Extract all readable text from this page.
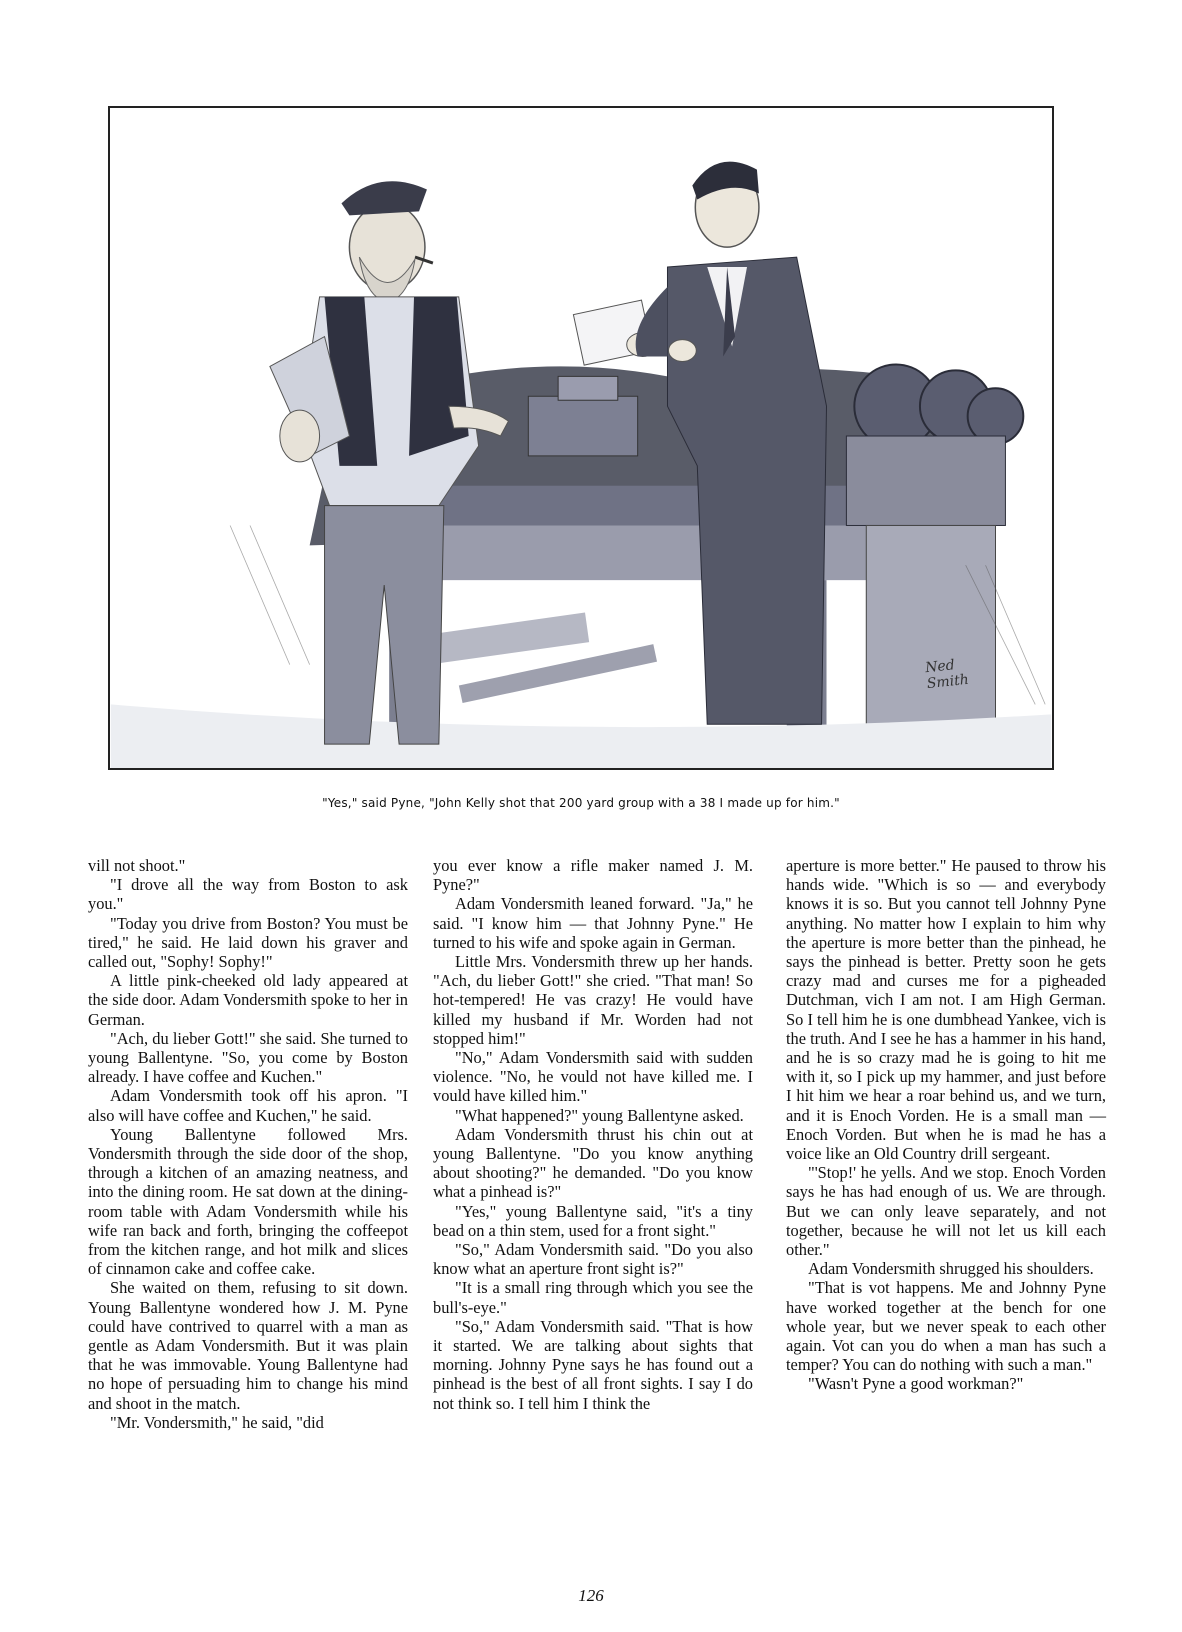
Ned
Smith
"Yes," said Pyne, "John Kelly shot that 200 yard group with a 38 I made up for him."

vill not shoot."

"I drove all the way from Boston to ask you."

"Today you drive from Boston? You must be tired," he said. He laid down his graver and called out, "Sophy! Sophy!"

A little pink-cheeked old lady appeared at the side door. Adam Vondersmith spoke to her in German.

"Ach, du lieber Gott!" she said. She turned to young Ballentyne. "So, you come by Boston already. I have coffee and Kuchen."

Adam Vondersmith took off his apron. "I also will have coffee and Kuchen," he said.

Young Ballentyne followed Mrs. Vondersmith through the side door of the shop, through a kitchen of an amazing neatness, and into the dining room. He sat down at the dining-room table with Adam Vondersmith while his wife ran back and forth, bringing the coffeepot from the kitchen range, and hot milk and slices of cinnamon cake and coffee cake.

She waited on them, refusing to sit down. Young Ballentyne wondered how J. M. Pyne could have contrived to quarrel with a man as gentle as Adam Vondersmith. But it was plain that he was immovable. Young Ballentyne had no hope of persuading him to change his mind and shoot in the match.

"Mr. Vondersmith," he said, "did

you ever know a rifle maker named J. M. Pyne?"

Adam Vondersmith leaned forward. "Ja," he said. "I know him — that Johnny Pyne." He turned to his wife and spoke again in German.

Little Mrs. Vondersmith threw up her hands. "Ach, du lieber Gott!" she cried. "That man! So hot-tempered! He vas crazy! He vould have killed my husband if Mr. Worden had not stopped him!"

"No," Adam Vondersmith said with sudden violence. "No, he vould not have killed me. I vould have killed him."

"What happened?" young Ballentyne asked.

Adam Vondersmith thrust his chin out at young Ballentyne. "Do you know anything about shooting?" he demanded. "Do you know what a pinhead is?"

"Yes," young Ballentyne said, "it's a tiny bead on a thin stem, used for a front sight."

"So," Adam Vondersmith said. "Do you also know what an aperture front sight is?"

"It is a small ring through which you see the bull's-eye."

"So," Adam Vondersmith said. "That is how it started. We are talking about sights that morning. Johnny Pyne says he has found out a pinhead is the best of all front sights. I say I do not think so. I tell him I think the

aperture is more better." He paused to throw his hands wide. "Which is so — and everybody knows it is so. But you cannot tell Johnny Pyne anything. No matter how I explain to him why the aperture is more better than the pinhead, he says the pinhead is better. Pretty soon he gets crazy mad and curses me for a pigheaded Dutchman, vich I am not. I am High German. So I tell him he is one dumbhead Yankee, vich is the truth. And I see he has a hammer in his hand, and he is so crazy mad he is going to hit me with it, so I pick up my hammer, and just before I hit him we hear a roar behind us, and we turn, and it is Enoch Vorden. He is a small man — Enoch Vorden. But when he is mad he has a voice like an Old Country drill sergeant.

"'Stop!' he yells. And we stop. Enoch Vorden says he has had enough of us. We are through. But we can only leave separately, and not together, because he will not let us kill each other."

Adam Vondersmith shrugged his shoulders.

"That is vot happens. Me and Johnny Pyne have worked together at the bench for one whole year, but we never speak to each other again. Vot can you do when a man has such a temper? You can do nothing with such a man."

"Wasn't Pyne a good workman?"

126
